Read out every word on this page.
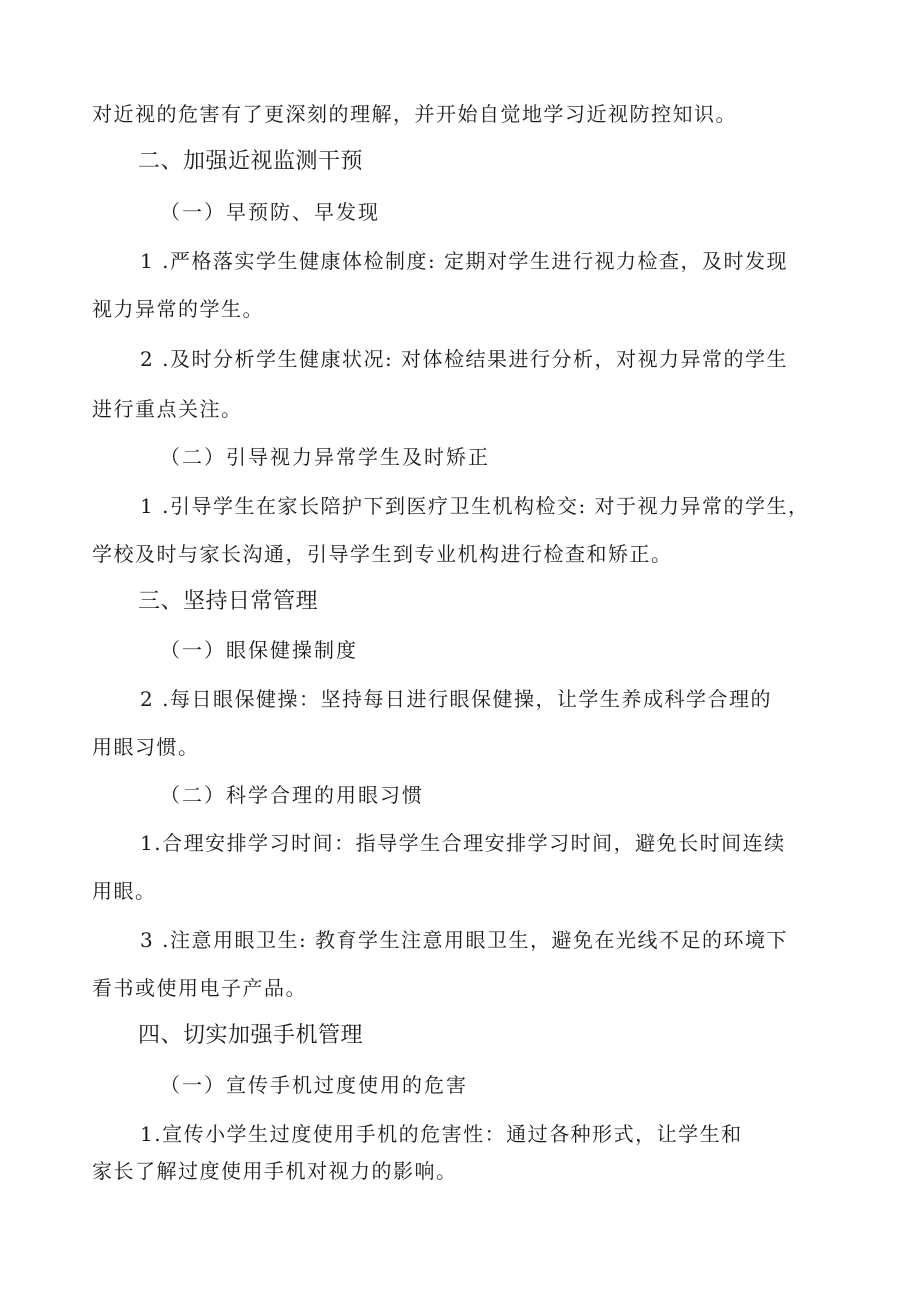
对近视的危害有了更深刻的理解，并开始自觉地学习近视防控知识。
二、加强近视监测干预
（一）早预防、早发现
1 .严格落实学生健康体检制度: 定期对学生进行视力检查，及时发现
视力异常的学生。
2 .及时分析学生健康状况: 对体检结果进行分析，对视力异常的学生
进行重点关注。
（二）引导视力异常学生及时矫正
1 .引导学生在家长陪护下到医疗卫生机构检交: 对于视力异常的学生，
学校及时与家长沟通，引导学生到专业机构进行检查和矫正。
三、坚持日常管理
（一）眼保健操制度
2 .每日眼保健操：坚持每日进行眼保健操，让学生养成科学合理的
用眼习惯。
（二）科学合理的用眼习惯
1.合理安排学习时间：指导学生合理安排学习时间，避免长时间连续
用眼。
3 .注意用眼卫生: 教育学生注意用眼卫生，避免在光线不足的环境下
看书或使用电子产品。
四、切实加强手机管理
（一）宣传手机过度使用的危害
1.宣传小学生过度使用手机的危害性：通过各种形式，让学生和
家长了解过度使用手机对视力的影响。
